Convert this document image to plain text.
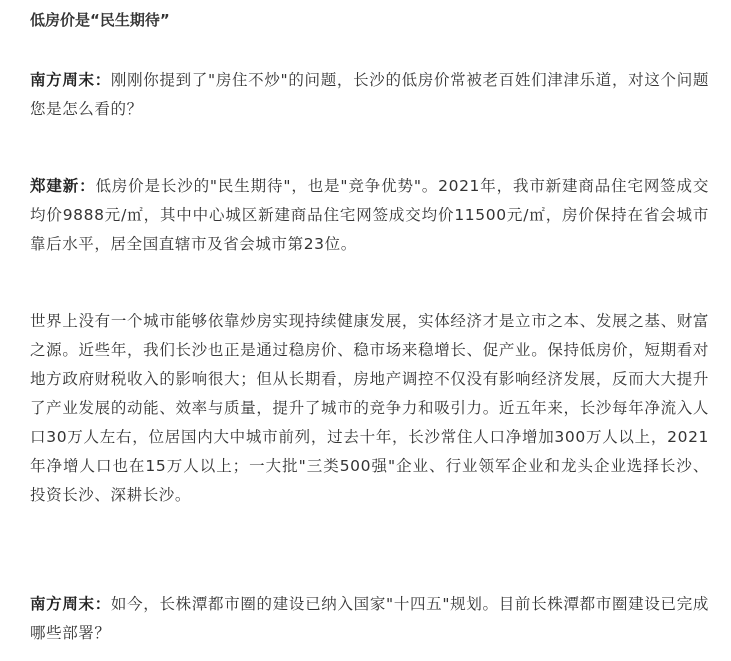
低房价是“民生期待”

南方周末：刚刚你提到了"房住不炒"的问题，长沙的低房价常被老百姓们津津乐道，对这个问题您是怎么看的？

郑建新：低房价是长沙的"民生期待"，也是"竞争优势"。2021年，我市新建商品住宅网签成交均价9888元/㎡，其中中心城区新建商品住宅网签成交均价11500元/㎡，房价保持在省会城市靠后水平，居全国直辖市及省会城市第23位。

世界上没有一个城市能够依靠炒房实现持续健康发展，实体经济才是立市之本、发展之基、财富之源。近些年，我们长沙也正是通过稳房价、稳市场来稳增长、促产业。保持低房价，短期看对地方政府财税收入的影响很大；但从长期看，房地产调控不仅没有影响经济发展，反而大大提升了产业发展的动能、效率与质量，提升了城市的竞争力和吸引力。近五年来，长沙每年净流入人口30万人左右，位居国内大中城市前列，过去十年，长沙常住人口净增加300万人以上，2021年净增人口也在15万人以上；一大批"三类500强"企业、行业领军企业和龙头企业选择长沙、投资长沙、深耕长沙。

南方周末：如今，长株潭都市圈的建设已纳入国家"十四五"规划。目前长株潭都市圈建设已完成哪些部署？
